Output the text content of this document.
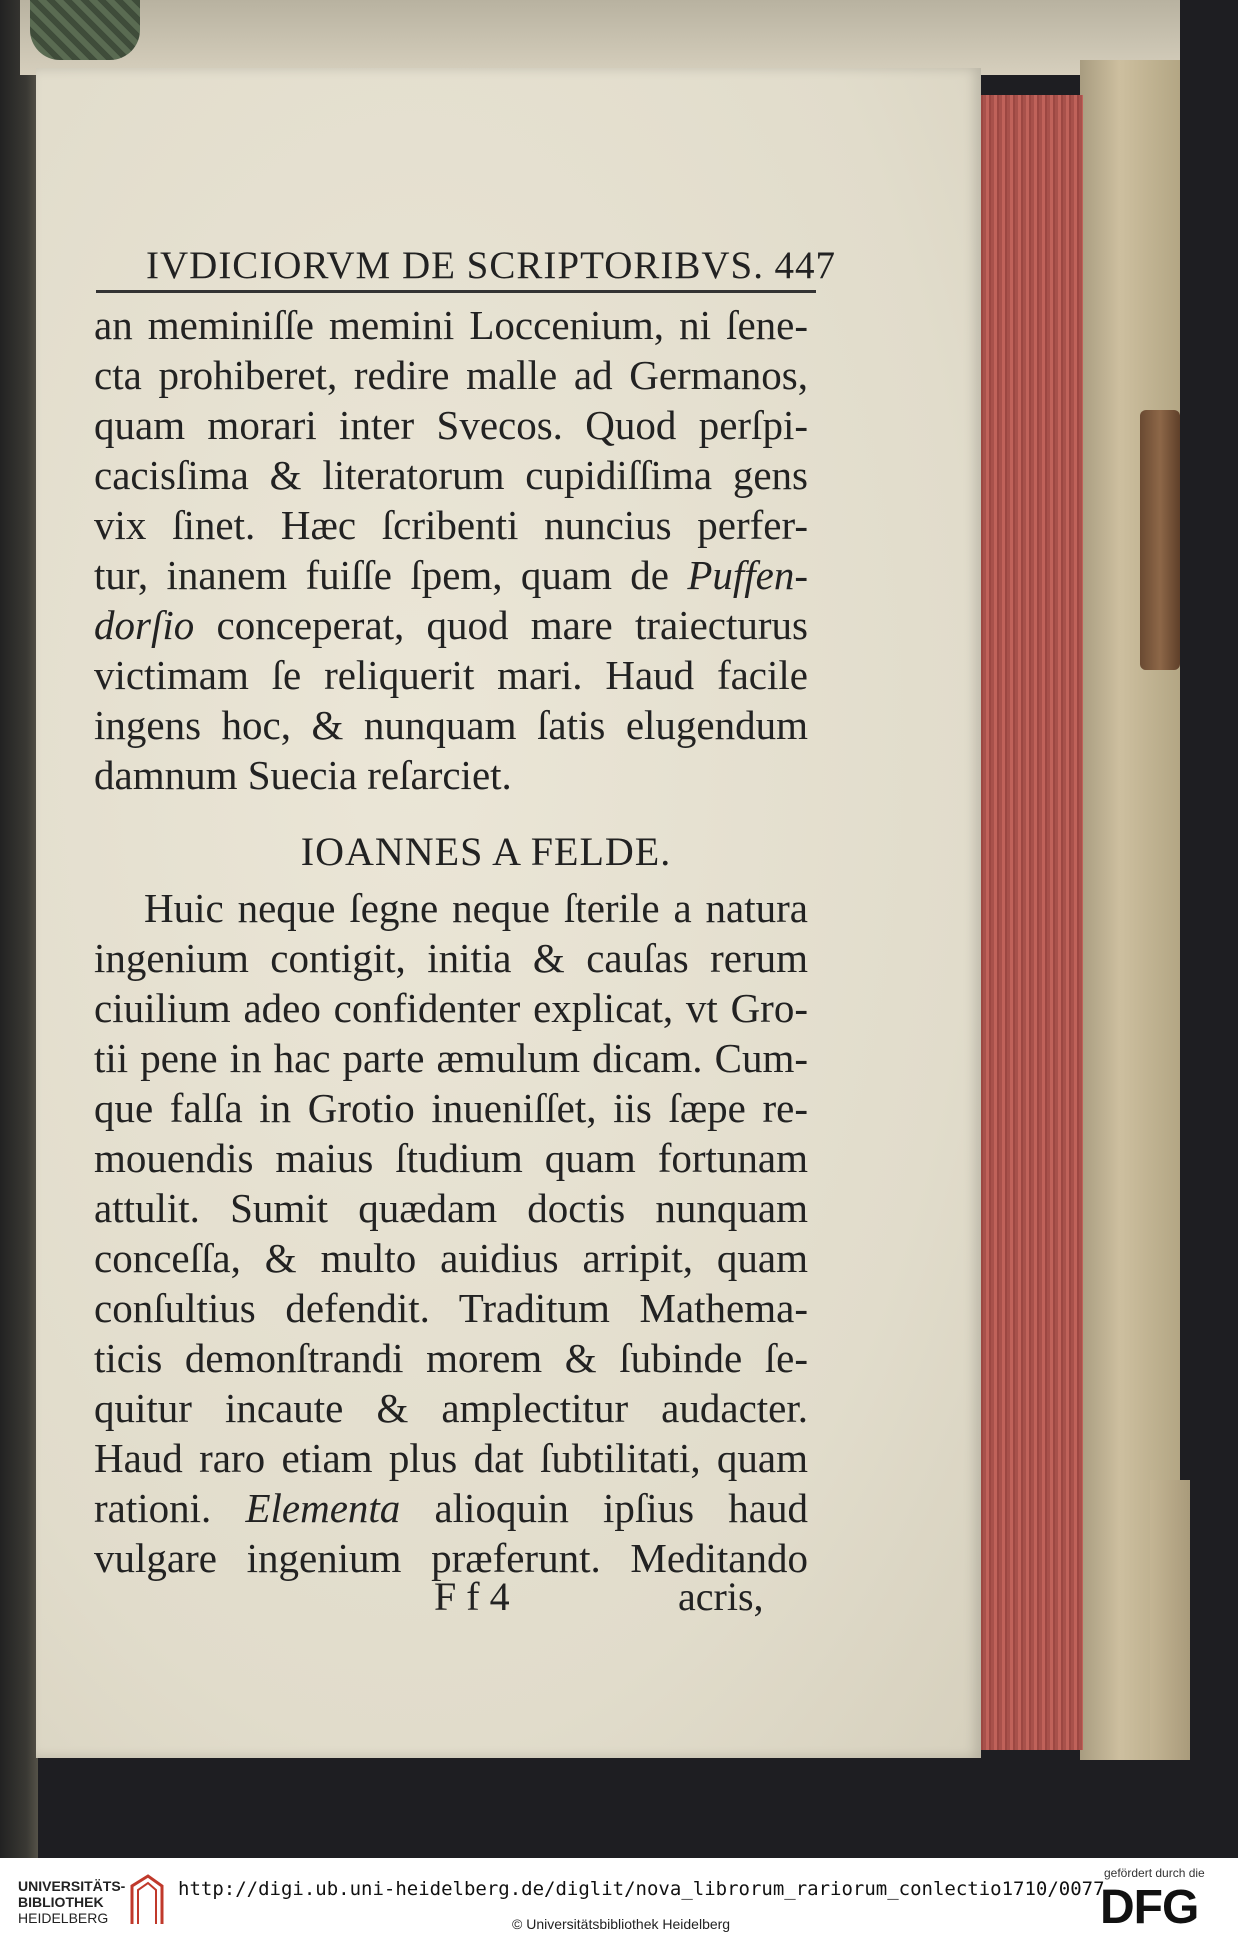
IVDICIORVM DE SCRIPTORIBVS. 447
an meminiſſe memini Loccenium, ni ſene-
cta prohiberet, redire malle ad Germanos,
quam morari inter Svecos. Quod perſpi-
cacisſima & literatorum cupidiſſima gens
vix ſinet. Hæc ſcribenti nuncius perfer-
tur, inanem fuiſſe ſpem, quam de Puffen-
dorſio conceperat, quod mare traiecturus
victimam ſe reliquerit mari. Haud facile
ingens hoc, & nunquam ſatis elugendum
damnum Suecia reſarciet.
IOANNES A FELDE.
Huic neque ſegne neque ſterile a natura
ingenium contigit, initia & cauſas rerum
ciuilium adeo confidenter explicat, vt Gro-
tii pene in hac parte æmulum dicam. Cum-
que falſa in Grotio inueniſſet, iis ſæpe re-
mouendis maius ſtudium quam fortunam
attulit. Sumit quædam doctis nunquam
conceſſa, & multo auidius arripit, quam
conſultius defendit. Traditum Mathema-
ticis demonſtrandi morem & ſubinde ſe-
quitur incaute & amplectitur audacter.
Haud raro etiam plus dat ſubtilitati, quam
rationi. Elementa alioquin ipſius haud
vulgare ingenium præferunt. Meditando
F f 4	acris,
UNIVERSITÄTS-
BIBLIOTHEK
HEIDELBERG
http://digi.ub.uni-heidelberg.de/diglit/nova_librorum_rariorum_conlectio1710/0077
© Universitätsbibliothek Heidelberg
gefördert durch die
DFG
